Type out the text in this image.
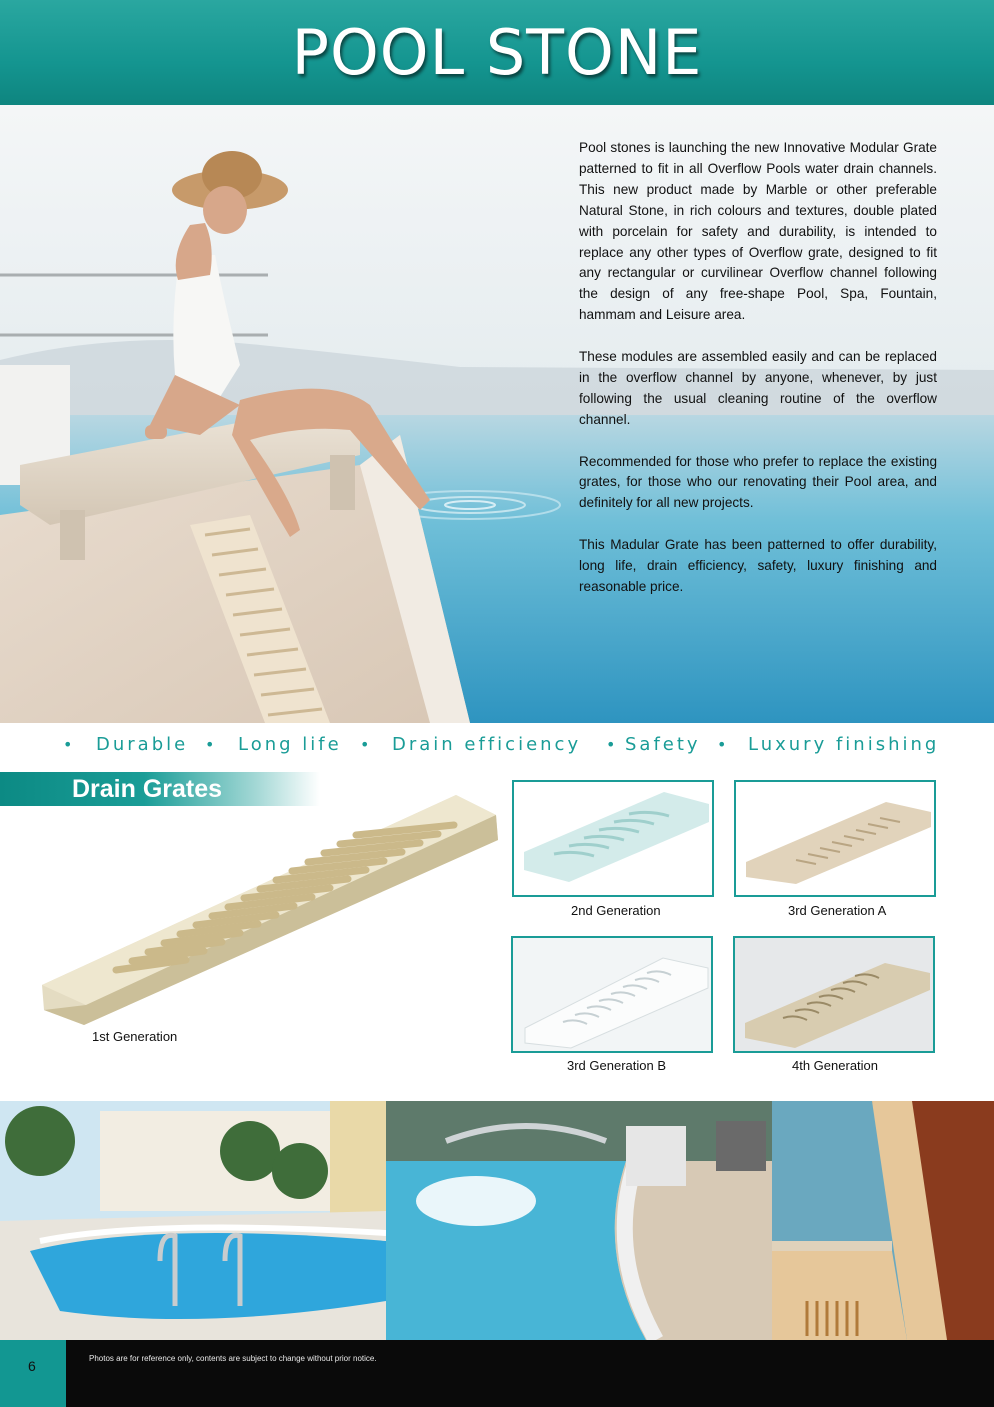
POOL STONE

Pool stones is launching the new Innovative Modular Grate patterned to fit in all Overflow Pools water drain channels. This new product made by Marble or other preferable Natural Stone, in rich colours and textures, double plated with porcelain for safety and durability, is intended to replace any other types of Overflow grate, designed to fit any rectangular or curvilinear Overflow channel following the design of any free-shape Pool, Spa, Fountain, hammam and Leisure area.

These modules are assembled easily and can be replaced in the overflow channel by anyone, whenever, by just following the usual cleaning routine of the overflow channel.

Recommended for those who prefer to replace the existing grates, for those who our renovating their Pool area, and definitely for all new projects.

This Madular Grate has been patterned to offer durability, long life, drain efficiency, safety, luxury finishing and reasonable price.

• Durable • Long life • Drain efficiency • Safety • Luxury finishing
Drain Grates
1st Generation
2nd Generation	3rd Generation A
3rd Generation B	4th Generation
6	Photos are for reference only, contents are subject to change without prior notice.
